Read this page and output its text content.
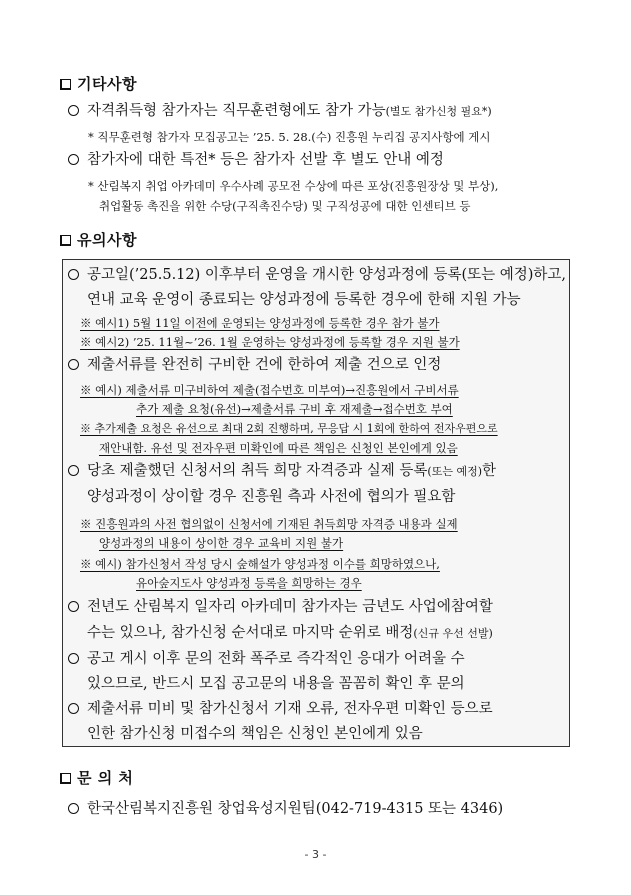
기타사항
자격취득형 참가자는 직무훈련형에도 참가 가능(별도 참가신청 필요*)
* 직무훈련형 참가자 모집공고는 ’25. 5. 28.(수) 진흥원 누리집 공지사항에 게시
참가자에 대한 특전* 등은 참가자 선발 후 별도 안내 예정
* 산림복지 취업 아카데미 우수사례 공모전 수상에 따른 포상(진흥원장상 및 부상),
취업활동 촉진을 위한 수당(구직촉진수당) 및 구직성공에 대한 인센티브 등
유의사항
공고일(’25.5.12) 이후부터 운영을 개시한 양성과정에 등록(또는 예정)하고,
연내 교육 운영이 종료되는 양성과정에 등록한 경우에 한해 지원 가능
※ 예시1) 5월 11일 이전에 운영되는 양성과정에 등록한 경우 참가 불가
※ 예시2) ’25. 11월~’26. 1월 운영하는 양성과정에 등록할 경우 지원 불가
제출서류를 완전히 구비한 건에 한하여 제출 건으로 인정
※ 예시) 제출서류 미구비하여 제출(접수번호 미부여)→진흥원에서 구비서류
추가 제출 요청(유선)→제출서류 구비 후 재제출→접수번호 부여
※ 추가제출 요청은 유선으로 최대 2회 진행하며, 무응답 시 1회에 한하여 전자우편으로
재안내함. 유선 및 전자우편 미확인에 따른 책임은 신청인 본인에게 있음
당초 제출했던 신청서의 취득 희망 자격증과 실제 등록(또는 예정)한
양성과정이 상이할 경우 진흥원 측과 사전에 협의가 필요함
※ 진흥원과의 사전 협의없이 신청서에 기재된 취득희망 자격증 내용과 실제
양성과정의 내용이 상이한 경우 교육비 지원 불가
※ 예시) 참가신청서 작성 당시 숲해설가 양성과정 이수를 희망하였으나,
유아숲지도사 양성과정 등록을 희망하는 경우
전년도 산림복지 일자리 아카데미 참가자는 금년도 사업에참여할
수는 있으나, 참가신청 순서대로 마지막 순위로 배정(신규 우선 선발)
공고 게시 이후 문의 전화 폭주로 즉각적인 응대가 어려울 수
있으므로, 반드시 모집 공고문의 내용을 꼼꼼히 확인 후 문의
제출서류 미비 및 참가신청서 기재 오류, 전자우편 미확인 등으로
인한 참가신청 미접수의 책임은 신청인 본인에게 있음
문 의 처
한국산림복지진흥원 창업육성지원팀(042-719-4315 또는 4346)
- 3 -
